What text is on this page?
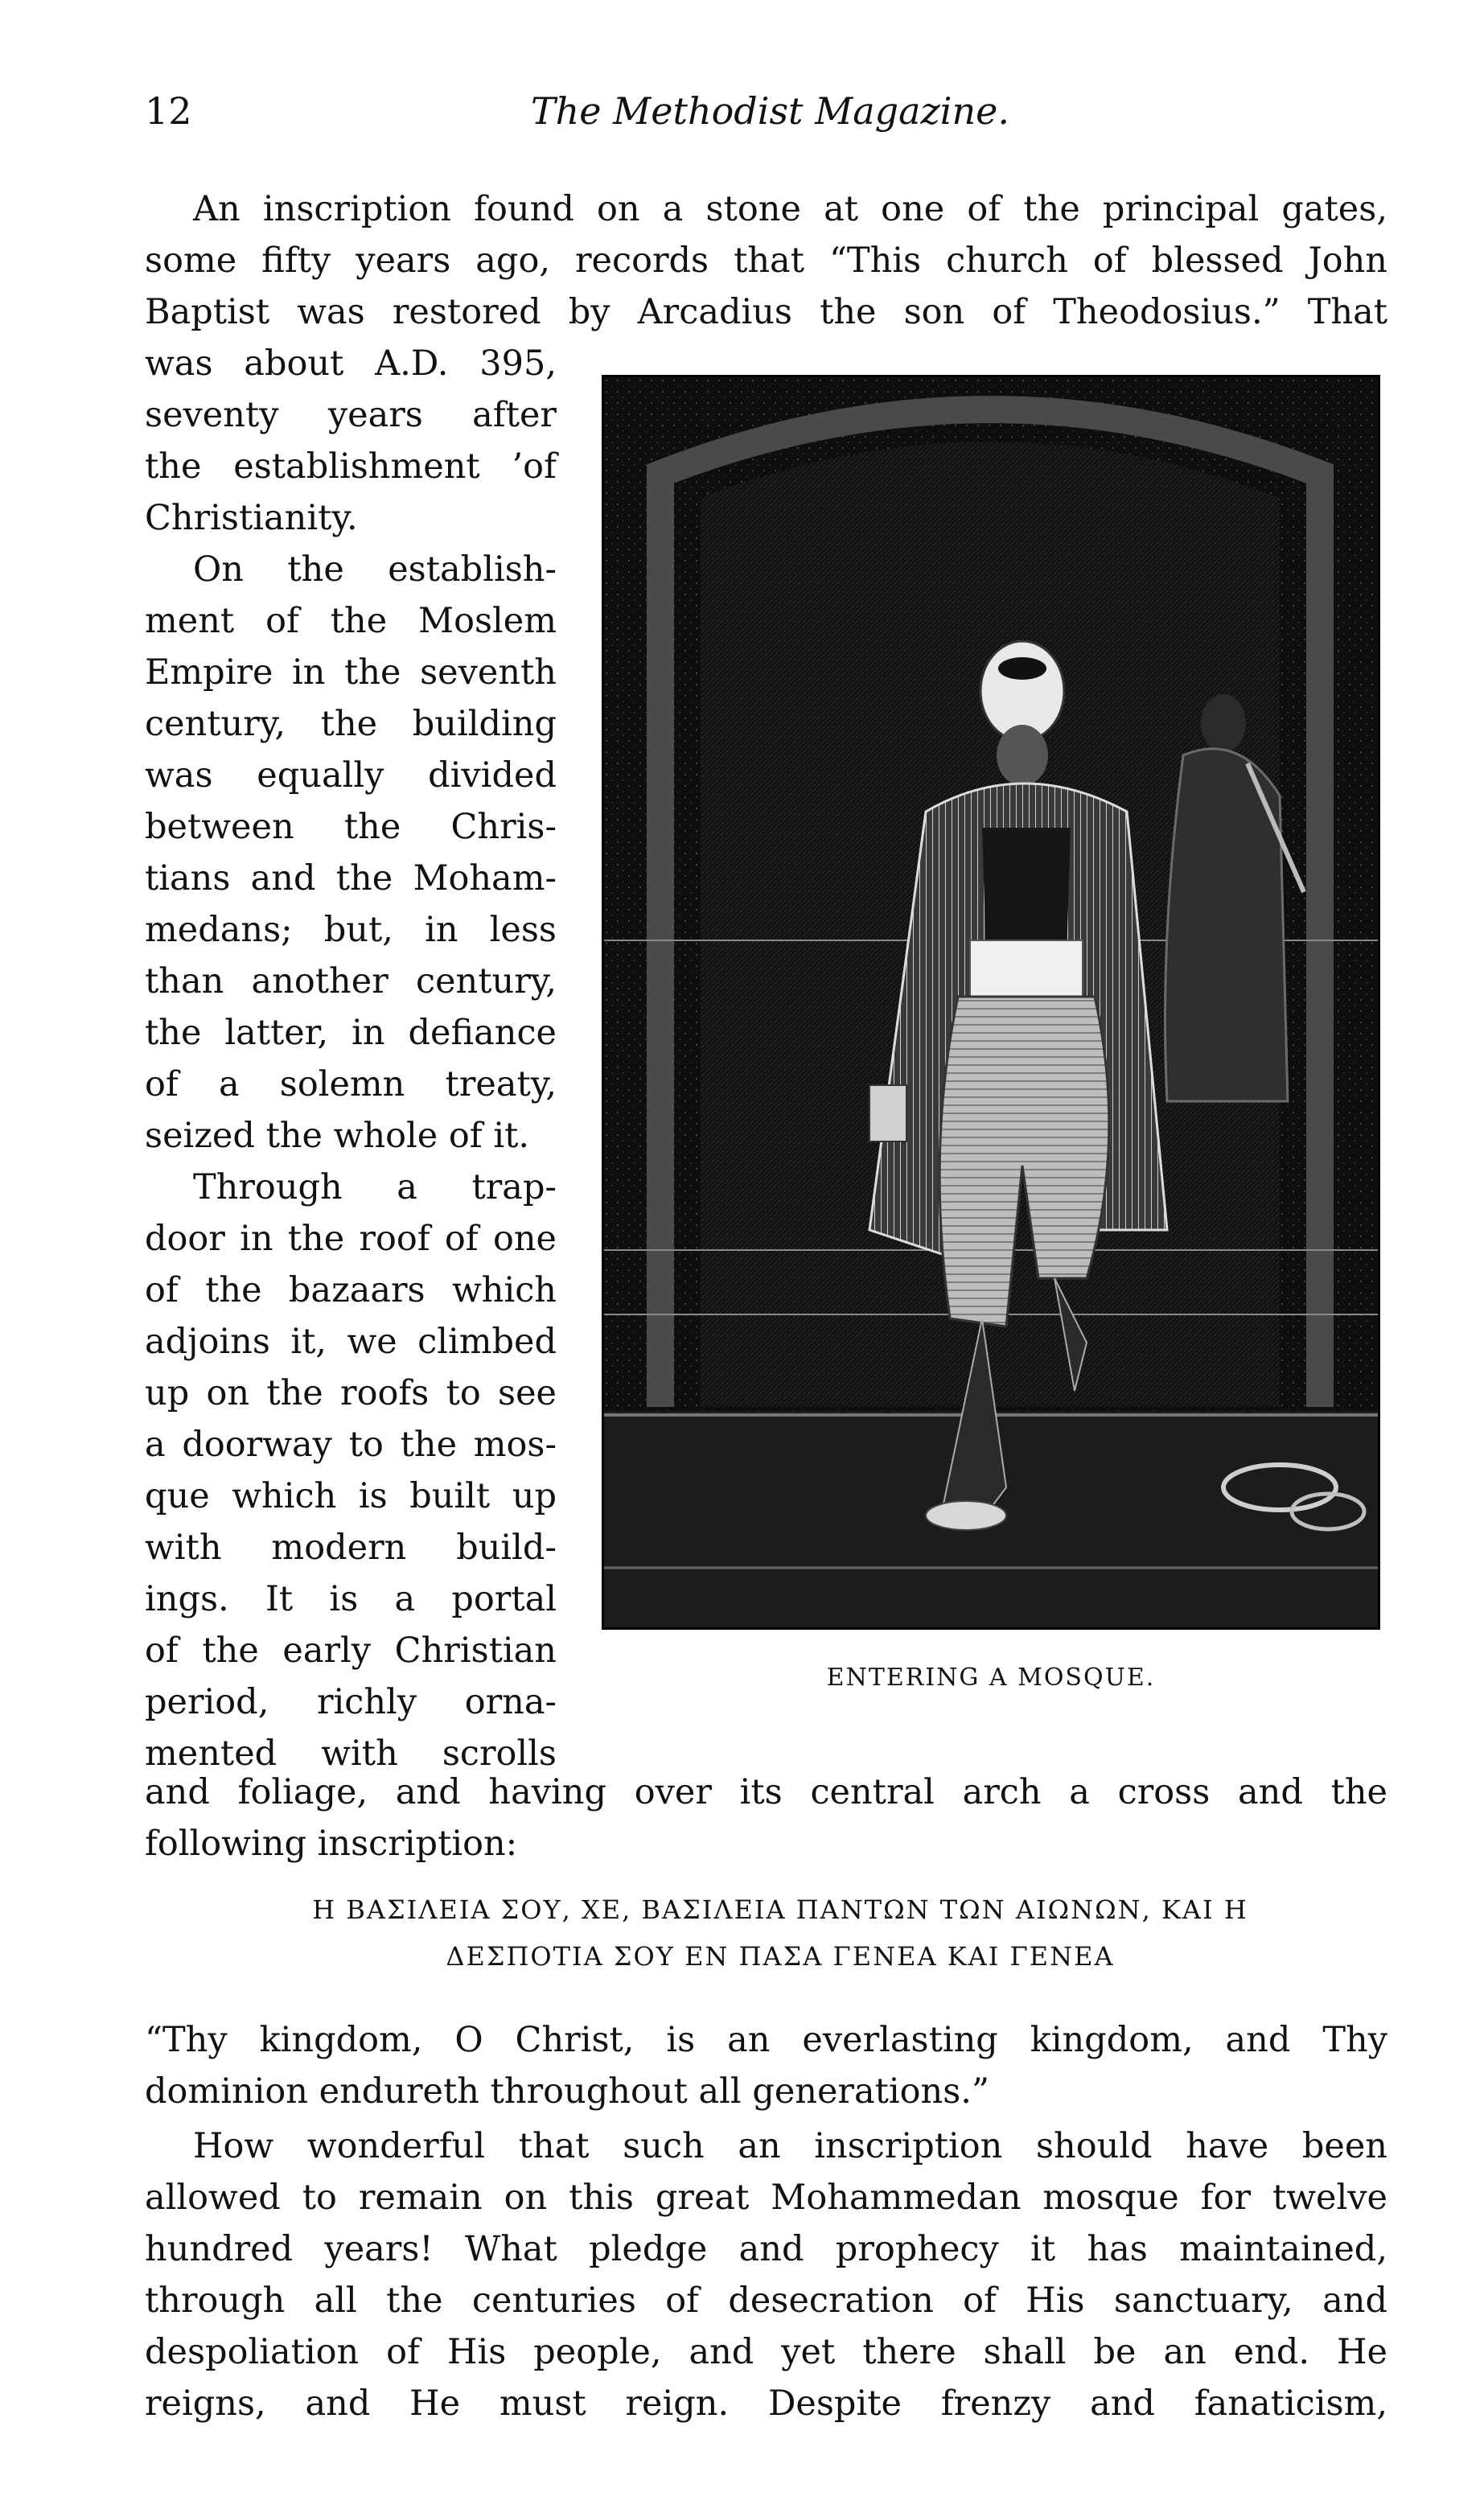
12	The Methodist Magazine.
An inscription found on a stone at one of the principal gates,
some fifty years ago, records that “This church of blessed John
Baptist was restored by Arcadius the son of Theodosius.” That
was about A.D. 395,
seventy years after
the establishment ’of
Christianity.
On the establish-
ment of the Moslem
Empire in the seventh
century, the building
was equally divided
between the Chris-
tians and the Moham-
medans; but, in less
than another century,
the latter, in defiance
of a solemn treaty,
seized the whole of it.
Through a trap-
door in the roof of one
of the bazaars which
adjoins it, we climbed
up on the roofs to see
a doorway to the mos-
que which is built up
with modern build-
ings. It is a portal
of the early Christian
period, richly orna-
mented with scrolls
ENTERING A MOSQUE.
and foliage, and having over its central arch a cross and the
following inscription:
Η ΒΑΣΙΛΕΙΑ ΣΟΥ, ΧΕ, ΒΑΣΙΛΕΙΑ ΠΑΝΤΩΝ ΤΩΝ ΑΙΩΝΩΝ, ΚΑΙ Η
ΔΕΣΠΟΤΙΑ ΣΟΥ ΕΝ ΠΑΣΑ ΓΕΝΕΑ ΚΑΙ ΓΕΝΕΑ
“Thy kingdom, O Christ, is an everlasting kingdom, and Thy
dominion endureth throughout all generations.”
How wonderful that such an inscription should have been
allowed to remain on this great Mohammedan mosque for twelve
hundred years! What pledge and prophecy it has maintained,
through all the centuries of desecration of His sanctuary, and
despoliation of His people, and yet there shall be an end. He
reigns, and He must reign. Despite frenzy and fanaticism,
